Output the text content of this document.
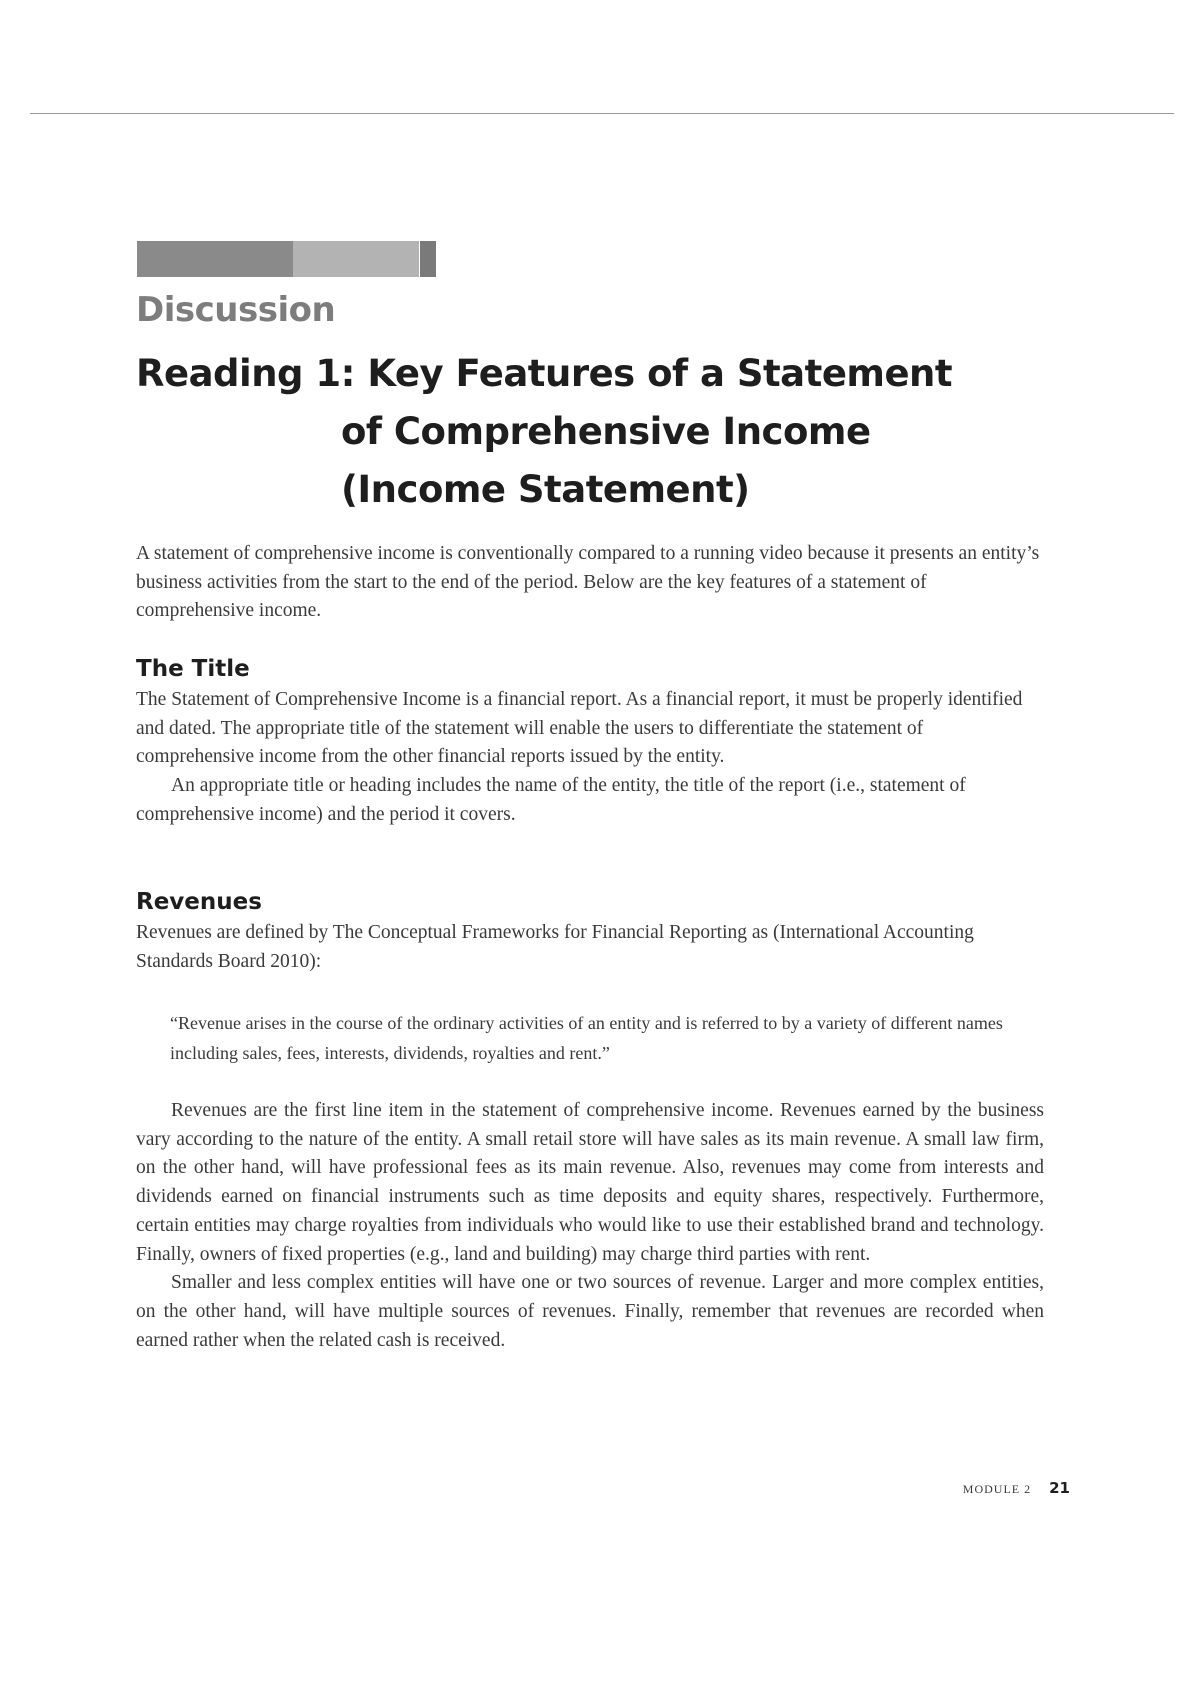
Discussion
Reading 1: Key Features of a Statement
of Comprehensive Income
(Income Statement)

A statement of comprehensive income is conventionally compared to a running video because it presents an entity’s business activities from the start to the end of the period. Below are the key features of a statement of comprehensive income.

The Title

The Statement of Comprehensive Income is a financial report. As a financial report, it must be properly identified and dated. The appropriate title of the statement will enable the users to differentiate the statement of comprehensive income from the other financial reports issued by the entity.

An appropriate title or heading includes the name of the entity, the title of the report (i.e., statement of comprehensive income) and the period it covers.

Revenues

Revenues are defined by The Conceptual Frameworks for Financial Reporting as (International Accounting Standards Board 2010):

“Revenue arises in the course of the ordinary activities of an entity and is referred to by a variety of different names including sales, fees, interests, dividends, royalties and rent.”

Revenues are the first line item in the statement of comprehensive income. Revenues earned by the business vary according to the nature of the entity. A small retail store will have sales as its main revenue. A small law firm, on the other hand, will have professional fees as its main revenue. Also, revenues may come from interests and dividends earned on financial instruments such as time deposits and equity shares, respectively. Furthermore, certain entities may charge royalties from individuals who would like to use their established brand and technology. Finally, owners of fixed properties (e.g., land and building) may charge third parties with rent.

Smaller and less complex entities will have one or two sources of revenue. Larger and more complex entities, on the other hand, will have multiple sources of revenues. Finally, remember that revenues are recorded when earned rather when the related cash is received.

MODULE 2 21
